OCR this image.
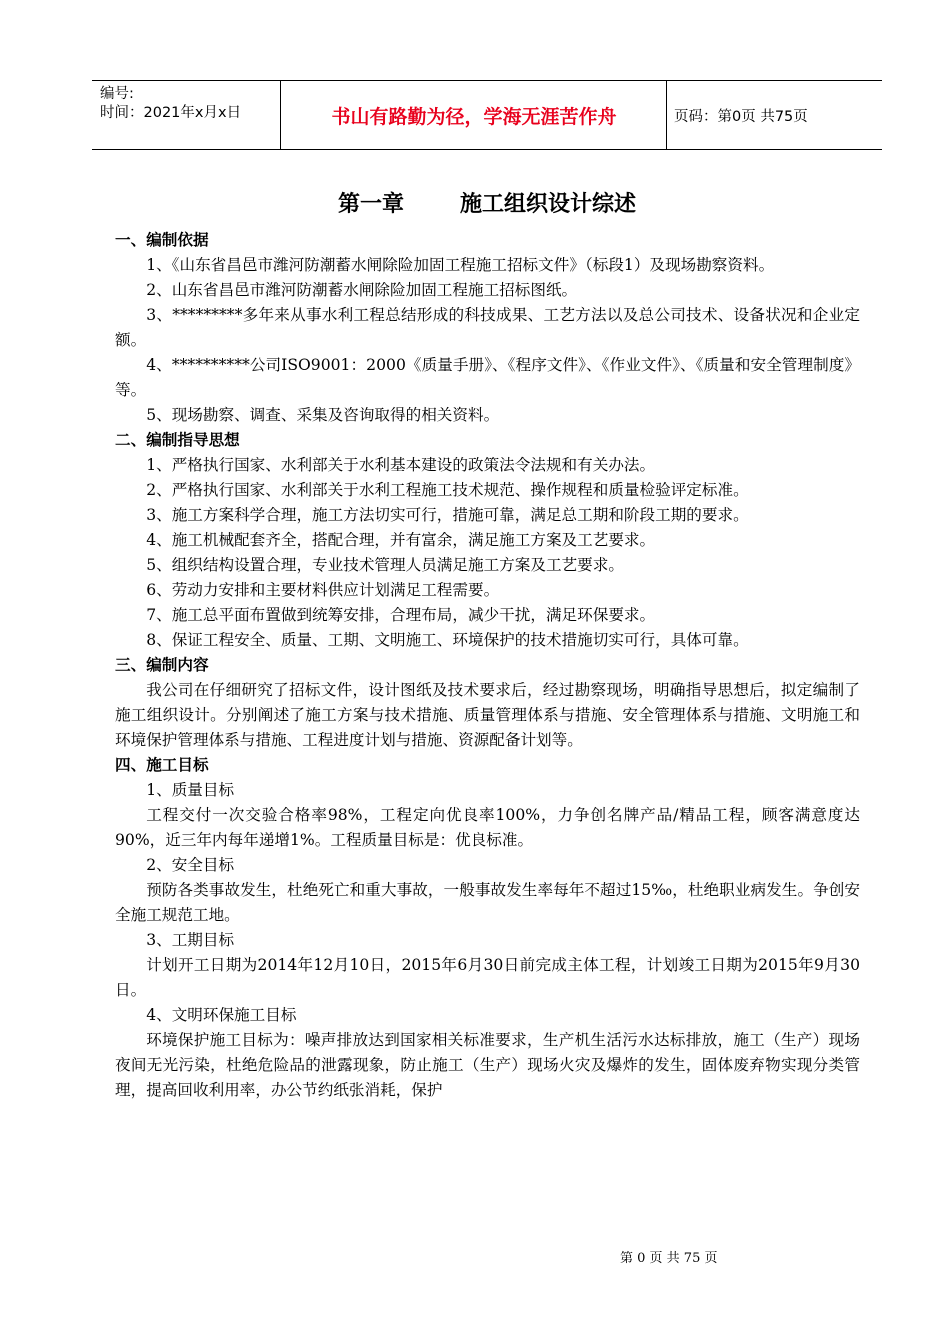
编号:
时间：2021年x月x日	书山有路勤为径，学海无涯苦作舟	页码：第0页 共75页
第一章	施工组织设计综述

一、编制依据

1、《山东省昌邑市潍河防潮蓄水闸除险加固工程施工招标文件》（标段1）及现场勘察资料。

2、山东省昌邑市潍河防潮蓄水闸除险加固工程施工招标图纸。

3、*********多年来从事水利工程总结形成的科技成果、工艺方法以及总公司技术、设备状况和企业定额。

4、**********公司ISO9001：2000《质量手册》、《程序文件》、《作业文件》、《质量和安全管理制度》等。

5、现场勘察、调查、采集及咨询取得的相关资料。

二、编制指导思想

1、严格执行国家、水利部关于水利基本建设的政策法令法规和有关办法。

2、严格执行国家、水利部关于水利工程施工技术规范、操作规程和质量检验评定标准。

3、施工方案科学合理，施工方法切实可行，措施可靠，满足总工期和阶段工期的要求。

4、施工机械配套齐全，搭配合理，并有富余，满足施工方案及工艺要求。

5、组织结构设置合理，专业技术管理人员满足施工方案及工艺要求。

6、劳动力安排和主要材料供应计划满足工程需要。

7、施工总平面布置做到统筹安排，合理布局，减少干扰，满足环保要求。

8、保证工程安全、质量、工期、文明施工、环境保护的技术措施切实可行，具体可靠。

三、编制内容

我公司在仔细研究了招标文件，设计图纸及技术要求后，经过勘察现场，明确指导思想后，拟定编制了施工组织设计。分别阐述了施工方案与技术措施、质量管理体系与措施、安全管理体系与措施、文明施工和环境保护管理体系与措施、工程进度计划与措施、资源配备计划等。

四、施工目标

1、质量目标

工程交付一次交验合格率98%，工程定向优良率100%，力争创名牌产品/精品工程，顾客满意度达90%，近三年内每年递增1%。工程质量目标是：优良标准。

2、安全目标

预防各类事故发生，杜绝死亡和重大事故，一般事故发生率每年不超过15‰，杜绝职业病发生。争创安全施工规范工地。

3、工期目标

计划开工日期为2014年12月10日，2015年6月30日前完成主体工程，计划竣工日期为2015年9月30日。

4、文明环保施工目标

环境保护施工目标为：噪声排放达到国家相关标准要求，生产机生活污水达标排放，施工（生产）现场夜间无光污染，杜绝危险品的泄露现象，防止施工（生产）现场火灾及爆炸的发生，固体废弃物实现分类管理，提高回收利用率，办公节约纸张消耗，保护

第 0 页 共 75 页
